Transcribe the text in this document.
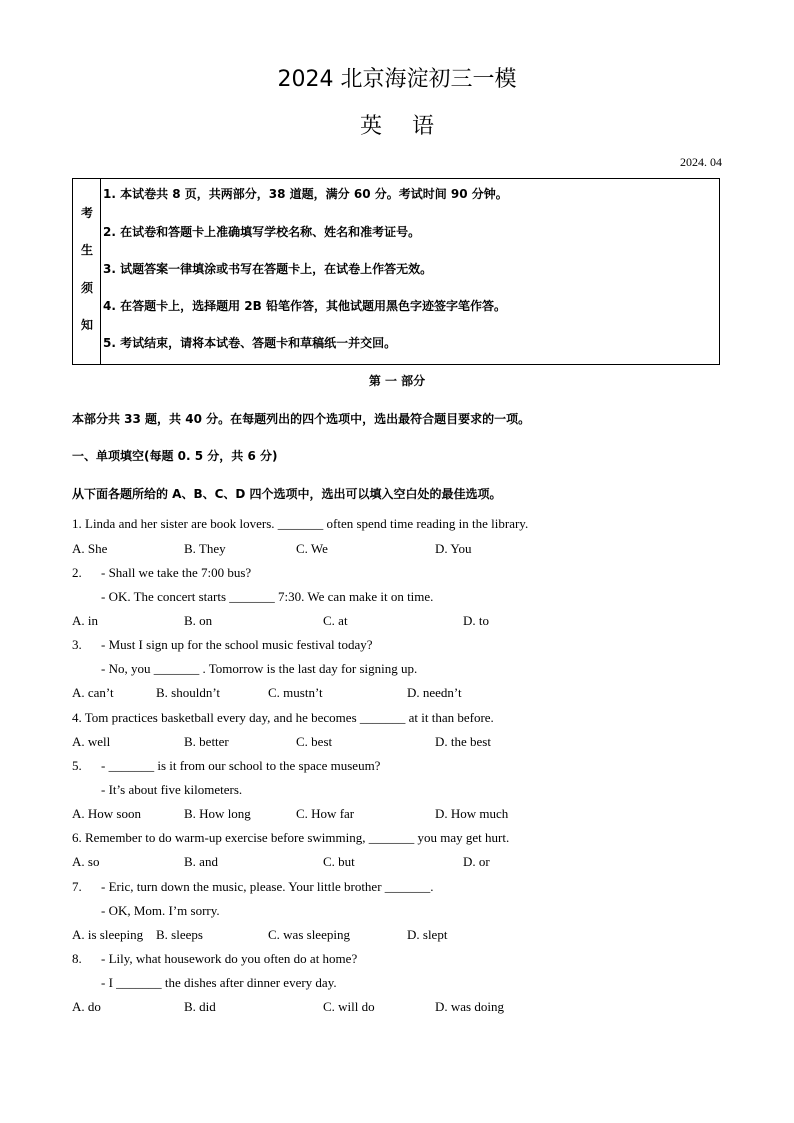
2024 北京海淀初三一模
英语
2024. 04
考
生
须
知
1. 本试卷共 8 页，共两部分，38 道题，满分 60 分。考试时间 90 分钟。
2. 在试卷和答题卡上准确填写学校名称、姓名和准考证号。
3. 试题答案一律填涂或书写在答题卡上，在试卷上作答无效。
4. 在答题卡上，选择题用 2B 铅笔作答，其他试题用黑色字迹签字笔作答。
5. 考试结束，请将本试卷、答题卡和草稿纸一并交回。
第 一 部分
本部分共 33 题，共 40 分。在每题列出的四个选项中，选出最符合题目要求的一项。
一、单项填空(每题 0. 5 分，共 6 分)
从下面各题所给的 A、B、C、D 四个选项中，选出可以填入空白处的最佳选项。
1. Linda and her sister are book lovers. _______ often spend time reading in the library.
A. She	B. They	C. We	D. You
2. - Shall we take the 7:00 bus?
- OK. The concert starts _______ 7:30. We can make it on time.
A. in	B. on	C. at	D. to
3. - Must I sign up for the school music festival today?
- No, you _______ . Tomorrow is the last day for signing up.
A. can’t	B. shouldn’t	C. mustn’t	D. needn’t
4. Tom practices basketball every day, and he becomes _______ at it than before.
A. well	B. better	C. best	D. the best
5. - _______ is it from our school to the space museum?
- It’s about five kilometers.
A. How soon	B. How long	C. How far	D. How much
6. Remember to do warm-up exercise before swimming, _______ you may get hurt.
A. so	B. and	C. but	D. or
7. - Eric, turn down the music, please. Your little brother _______.
- OK, Mom. I’m sorry.
A. is sleeping B. sleeps	C. was sleeping	D. slept
8. - Lily, what housework do you often do at home?
- I _______ the dishes after dinner every day.
A. do	B. did	C. will do	D. was doing
